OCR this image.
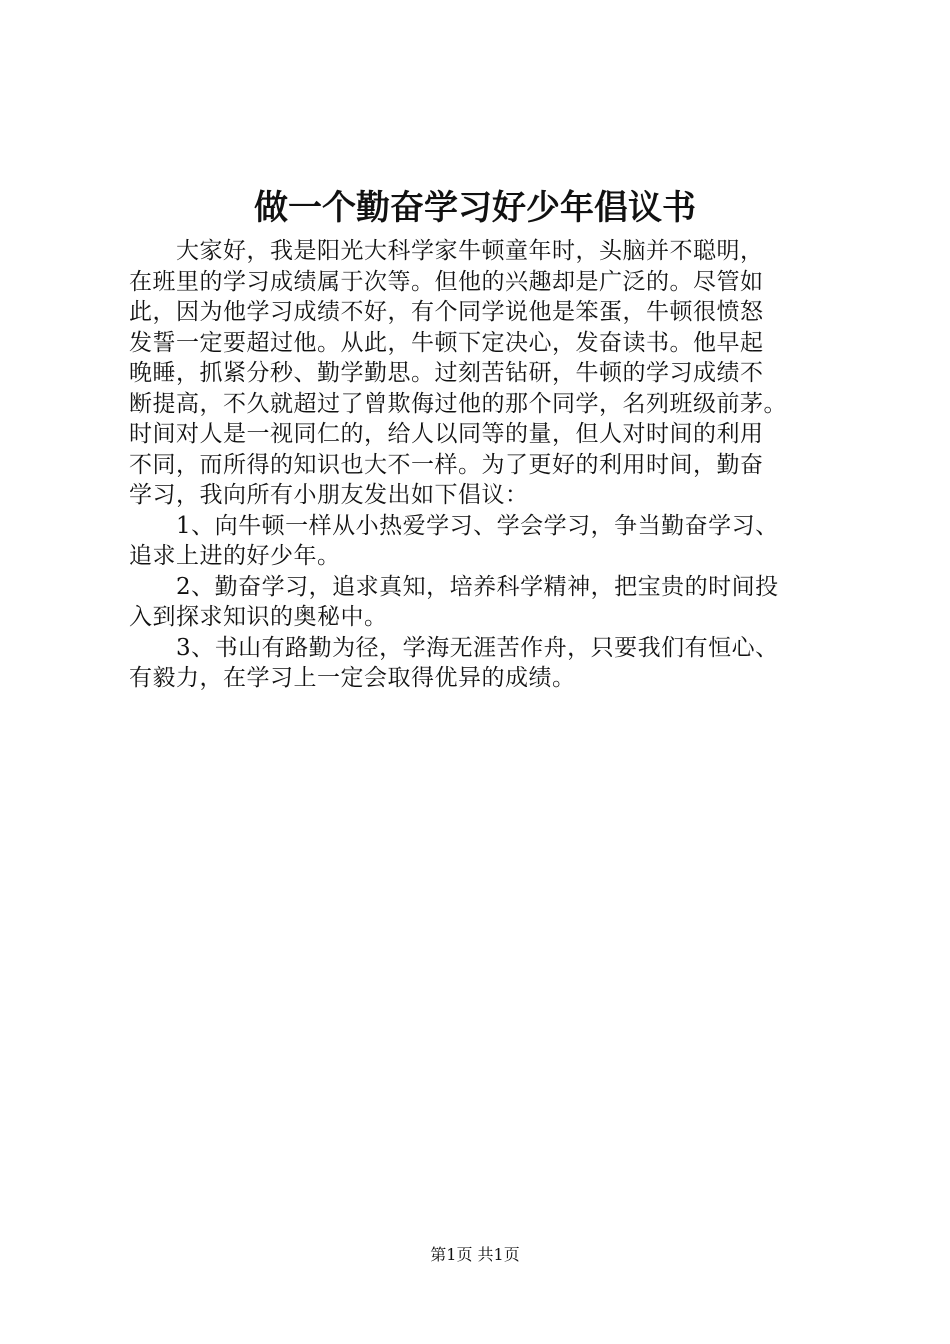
做一个勤奋学习好少年倡议书
大家好，我是阳光大科学家牛顿童年时，头脑并不聪明，
在班里的学习成绩属于次等。但他的兴趣却是广泛的。尽管如
此，因为他学习成绩不好，有个同学说他是笨蛋，牛顿很愤怒
发誓一定要超过他。从此，牛顿下定决心，发奋读书。他早起
晚睡，抓紧分秒、勤学勤思。过刻苦钻研，牛顿的学习成绩不
断提高，不久就超过了曾欺侮过他的那个同学，名列班级前茅。
时间对人是一视同仁的，给人以同等的量，但人对时间的利用
不同，而所得的知识也大不一样。为了更好的利用时间，勤奋
学习，我向所有小朋友发出如下倡议：
1、向牛顿一样从小热爱学习、学会学习，争当勤奋学习、
追求上进的好少年。
2、勤奋学习，追求真知，培养科学精神，把宝贵的时间投
入到探求知识的奥秘中。
3、书山有路勤为径，学海无涯苦作舟，只要我们有恒心、
有毅力，在学习上一定会取得优异的成绩。
第1页 共1页
